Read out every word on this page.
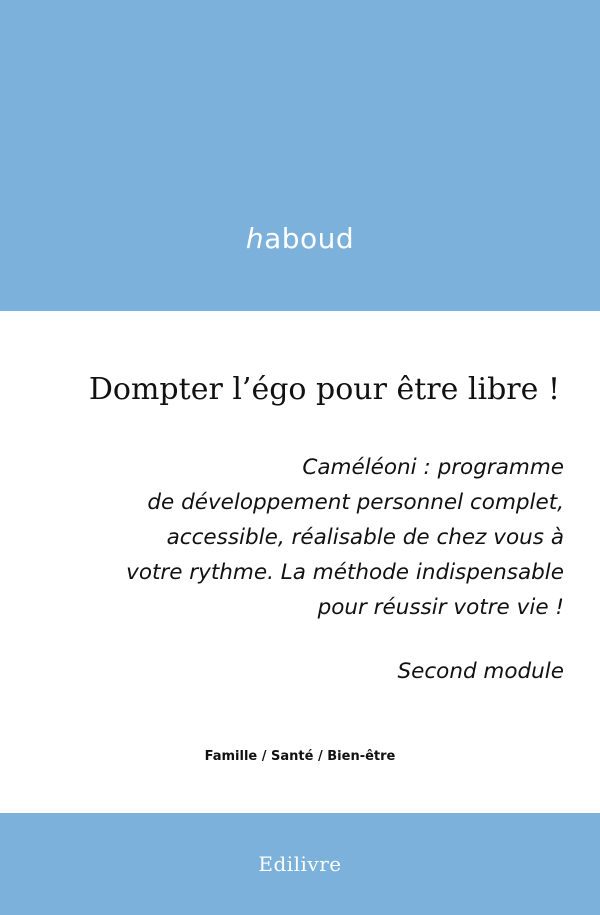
haboud
Dompter l’égo pour être libre !
Caméléoni : programme
de développement personnel complet,
accessible, réalisable de chez vous à
votre rythme. La méthode indispensable
pour réussir votre vie !
Second module
Famille / Santé / Bien-être
Edilivre
